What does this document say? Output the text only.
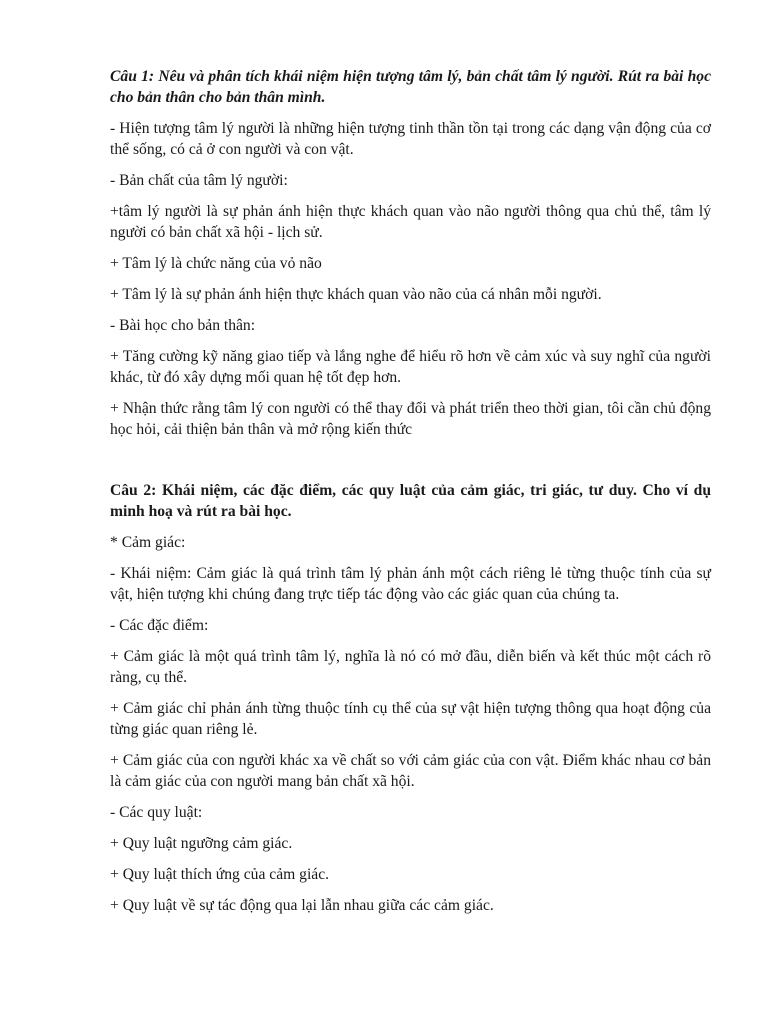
Câu 1: Nêu và phân tích khái niệm hiện tượng tâm lý, bản chất tâm lý người. Rút ra bài học cho bản thân cho bản thân mình.
- Hiện tượng tâm lý người là những hiện tượng tinh thần tồn tại trong các dạng vận động của cơ thể sống, có cả ở con người và con vật.
- Bản chất của tâm lý người:
+tâm lý người là sự phản ánh hiện thực khách quan vào não người thông qua chủ thể, tâm lý người có bản chất xã hội - lịch sử.
+ Tâm lý là chức năng của vỏ não
+ Tâm lý là sự phản ánh hiện thực khách quan vào não của cá nhân mỗi người.
- Bài học cho bản thân:
+ Tăng cường kỹ năng giao tiếp và lắng nghe để hiểu rõ hơn về cảm xúc và suy nghĩ của người khác, từ đó xây dựng mối quan hệ tốt đẹp hơn.
+ Nhận thức rằng tâm lý con người có thể thay đổi và phát triển theo thời gian, tôi cần chủ động học hỏi, cải thiện bản thân và mở rộng kiến thức
Câu 2: Khái niệm, các đặc điểm, các quy luật của cảm giác, tri giác, tư duy. Cho ví dụ minh hoạ và rút ra bài học.
* Cảm giác:
- Khái niệm: Cảm giác là quá trình tâm lý phản ánh một cách riêng lẻ từng thuộc tính của sự vật, hiện tượng khi chúng đang trực tiếp tác động vào các giác quan của chúng ta.
- Các đặc điểm:
+ Cảm giác là một quá trình tâm lý, nghĩa là nó có mở đầu, diễn biến và kết thúc một cách rõ ràng, cụ thể.
+ Cảm giác chỉ phản ánh từng thuộc tính cụ thể của sự vật hiện tượng thông qua hoạt động của từng giác quan riêng lẻ.
+ Cảm giác của con người khác xa về chất so với cảm giác của con vật. Điểm khác nhau cơ bản là cảm giác của con người mang bản chất xã hội.
- Các quy luật:
+ Quy luật ngưỡng cảm giác.
+ Quy luật thích ứng của cảm giác.
+ Quy luật về sự tác động qua lại lẫn nhau giữa các cảm giác.
